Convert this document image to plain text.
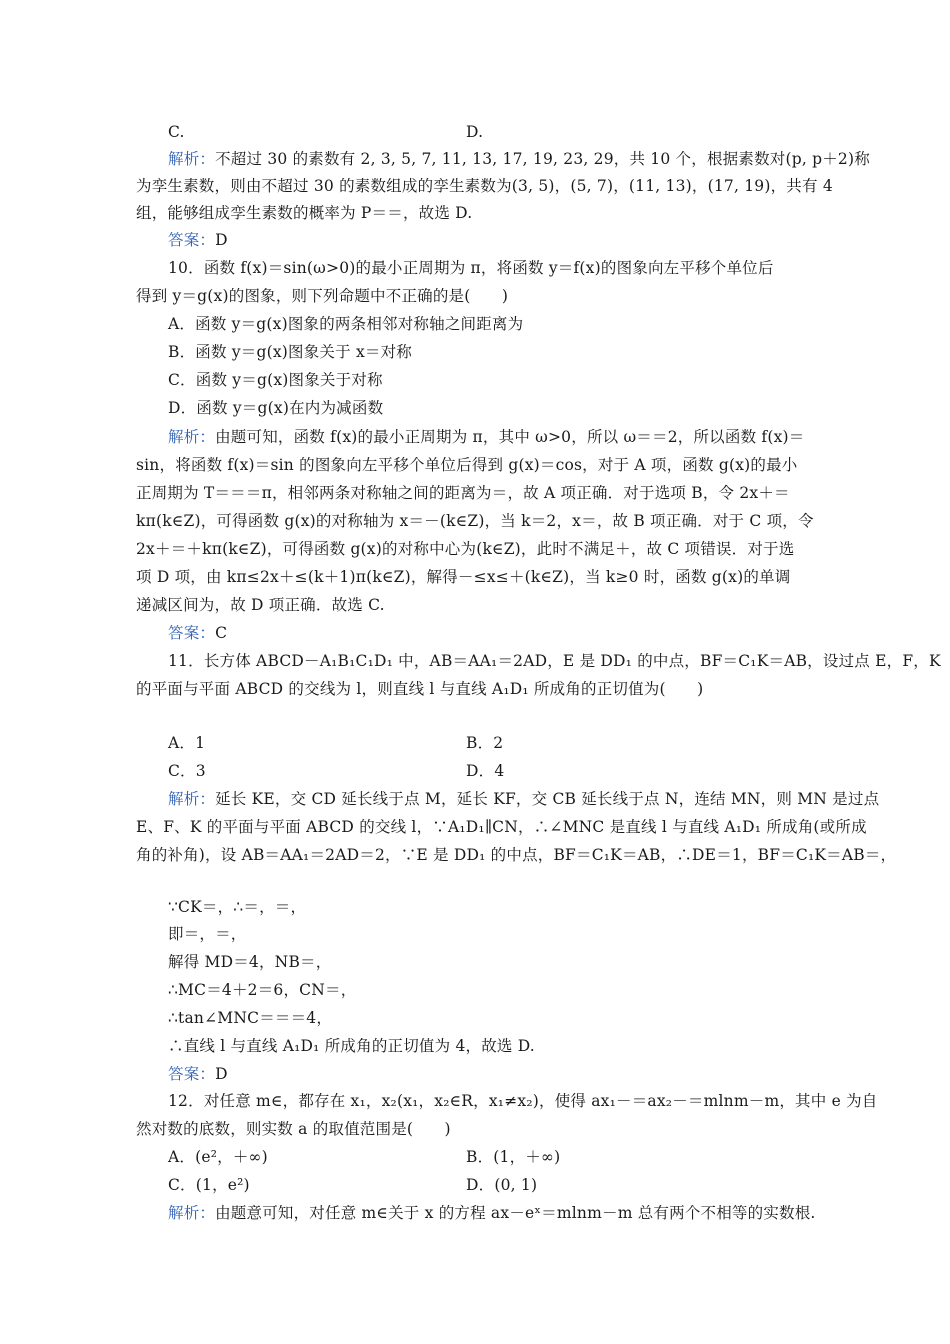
C.	D.
解析：不超过 30 的素数有 2, 3, 5, 7, 11, 13, 17, 19, 23, 29，共 10 个，根据素数对(p, p＋2)称
为孪生素数，则由不超过 30 的素数组成的孪生素数为(3, 5)，(5, 7)，(11, 13)，(17, 19)，共有 4
组，能够组成孪生素数的概率为 P＝＝，故选 D.
答案：D
10．函数 f(x)＝sin(ω>0)的最小正周期为 π，将函数 y＝f(x)的图象向左平移个单位后
得到 y＝g(x)的图象，则下列命题中不正确的是(　　)
A．函数 y＝g(x)图象的两条相邻对称轴之间距离为
B．函数 y＝g(x)图象关于 x＝对称
C．函数 y＝g(x)图象关于对称
D．函数 y＝g(x)在内为减函数
解析：由题可知，函数 f(x)的最小正周期为 π，其中 ω>0，所以 ω＝＝2，所以函数 f(x)＝
sin，将函数 f(x)＝sin 的图象向左平移个单位后得到 g(x)＝cos，对于 A 项，函数 g(x)的最小
正周期为 T＝＝＝π，相邻两条对称轴之间的距离为＝，故 A 项正确．对于选项 B，令 2x＋＝
kπ(k∈Z)，可得函数 g(x)的对称轴为 x＝－(k∈Z)，当 k＝2，x＝，故 B 项正确．对于 C 项，令
2x＋＝＋kπ(k∈Z)，可得函数 g(x)的对称中心为(k∈Z)，此时不满足＋，故 C 项错误．对于选
项 D 项，由 kπ≤2x＋≤(k＋1)π(k∈Z)，解得－≤x≤＋(k∈Z)，当 k≥0 时，函数 g(x)的单调
递减区间为，故 D 项正确．故选 C.
答案：C
11．长方体 ABCD－A₁B₁C₁D₁ 中，AB＝AA₁＝2AD，E 是 DD₁ 的中点，BF＝C₁K＝AB，设过点 E，F，K
的平面与平面 ABCD 的交线为 l，则直线 l 与直线 A₁D₁ 所成角的正切值为(　　)
A．1	B．2
C．3	D．4
解析：延长 KE，交 CD 延长线于点 M，延长 KF，交 CB 延长线于点 N，连结 MN，则 MN 是过点
E、F、K 的平面与平面 ABCD 的交线 l，∵A₁D₁∥CN，∴∠MNC 是直线 l 与直线 A₁D₁ 所成角(或所成
角的补角)，设 AB＝AA₁＝2AD＝2，∵E 是 DD₁ 的中点，BF＝C₁K＝AB，∴DE＝1，BF＝C₁K＝AB＝，
∵CK＝，∴＝，＝，
即＝，＝，
解得 MD＝4，NB＝，
∴MC＝4＋2＝6，CN＝，
∴tan∠MNC＝＝＝4，
∴直线 l 与直线 A₁D₁ 所成角的正切值为 4，故选 D.
答案：D
12．对任意 m∈，都存在 x₁，x₂(x₁，x₂∈R，x₁≠x₂)，使得 ax₁－＝ax₂－＝mlnm－m，其中 e 为自
然对数的底数，则实数 a 的取值范围是(　　)
A．(e²，＋∞)	B．(1，＋∞)
C．(1，e²)	D．(0, 1)
解析：由题意可知，对任意 m∈关于 x 的方程 ax－eˣ＝mlnm－m 总有两个不相等的实数根.
